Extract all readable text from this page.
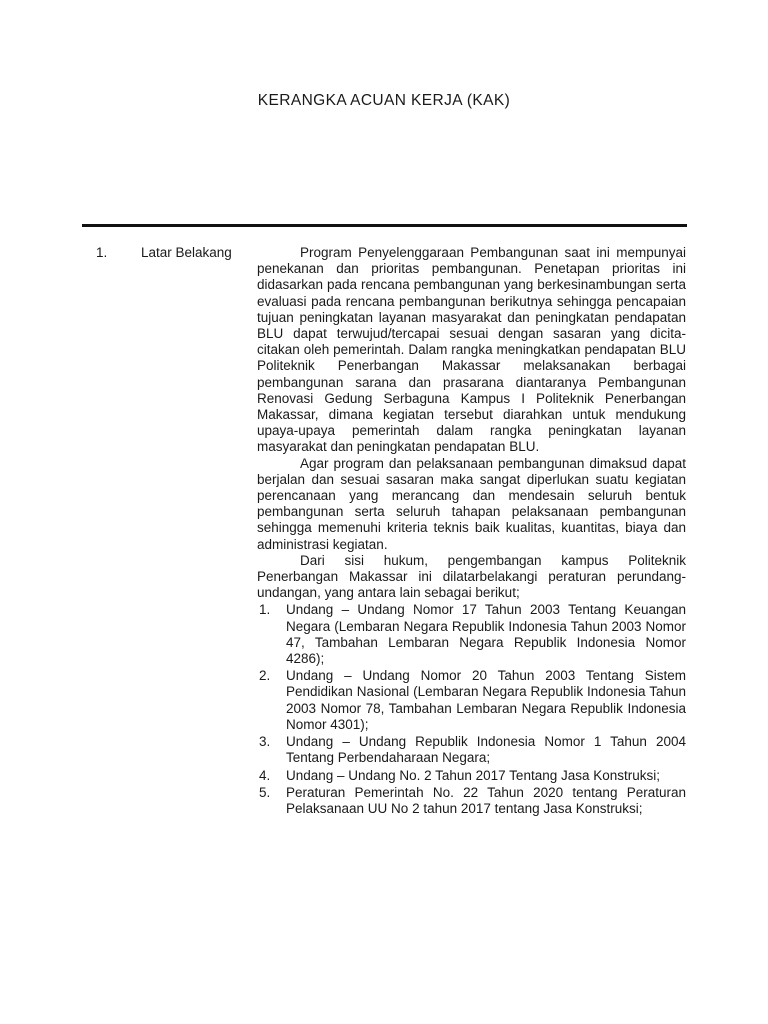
KERANGKA ACUAN KERJA (KAK)
1. Latar Belakang	Program Penyelenggaraan Pembangunan saat ini mempunyai penekanan dan prioritas pembangunan. Penetapan prioritas ini didasarkan pada rencana pembangunan yang berkesinambungan serta evaluasi pada rencana pembangunan berikutnya sehingga pencapaian tujuan peningkatan layanan masyarakat dan peningkatan pendapatan BLU dapat terwujud/tercapai sesuai dengan sasaran yang dicita-citakan oleh pemerintah. Dalam rangka meningkatkan pendapatan BLU Politeknik Penerbangan Makassar melaksanakan berbagai pembangunan sarana dan prasarana diantaranya Pembangunan Renovasi Gedung Serbaguna Kampus I Politeknik Penerbangan Makassar, dimana kegiatan tersebut diarahkan untuk mendukung upaya-upaya pemerintah dalam rangka peningkatan layanan masyarakat dan peningkatan pendapatan BLU.

Agar program dan pelaksanaan pembangunan dimaksud dapat berjalan dan sesuai sasaran maka sangat diperlukan suatu kegiatan perencanaan yang merancang dan mendesain seluruh bentuk pembangunan serta seluruh tahapan pelaksanaan pembangunan sehingga memenuhi kriteria teknis baik kualitas, kuantitas, biaya dan administrasi kegiatan.

Dari sisi hukum, pengembangan kampus Politeknik Penerbangan Makassar ini dilatarbelakangi peraturan perundang-undangan, yang antara lain sebagai berikut;

1. Undang – Undang Nomor 17 Tahun 2003 Tentang Keuangan Negara (Lembaran Negara Republik Indonesia Tahun 2003 Nomor 47, Tambahan Lembaran Negara Republik Indonesia Nomor 4286);
2. Undang – Undang Nomor 20 Tahun 2003 Tentang Sistem Pendidikan Nasional (Lembaran Negara Republik Indonesia Tahun 2003 Nomor 78, Tambahan Lembaran Negara Republik Indonesia Nomor 4301);
3. Undang – Undang Republik Indonesia Nomor 1 Tahun 2004 Tentang Perbendaharaan Negara;
4. Undang – Undang No. 2 Tahun 2017 Tentang Jasa Konstruksi;
5. Peraturan Pemerintah No. 22 Tahun 2020 tentang Peraturan Pelaksanaan UU No 2 tahun 2017 tentang Jasa Konstruksi;
